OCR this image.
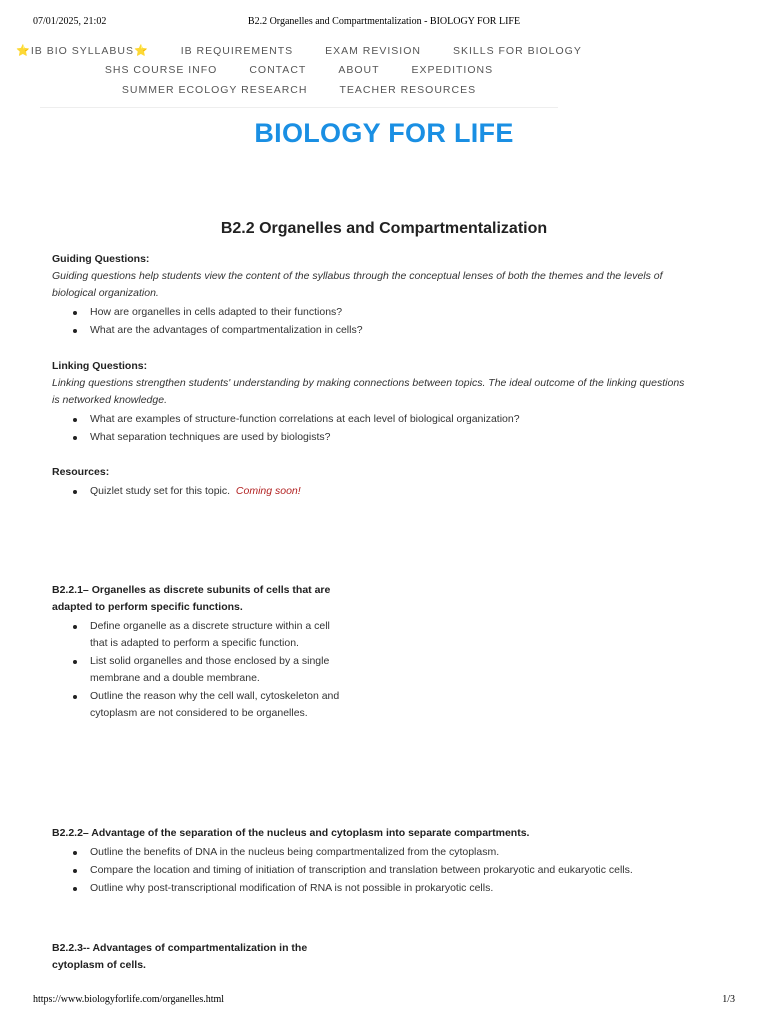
07/01/2025, 21:02	B2.2 Organelles and Compartmentalization - BIOLOGY FOR LIFE
⭐ IB BIO SYLLABUS ⭐	IB REQUIREMENTS	EXAM REVISION	SKILLS FOR BIOLOGY
SHS COURSE INFO	CONTACT	ABOUT	EXPEDITIONS
SUMMER ECOLOGY RESEARCH	TEACHER RESOURCES
BIOLOGY FOR LIFE
B2.2 Organelles and Compartmentalization
Guiding Questions:
Guiding questions help students view the content of the syllabus through the conceptual lenses of both the themes and the levels of biological organization.
How are organelles in cells adapted to their functions?
What are the advantages of compartmentalization in cells?
Linking Questions:
Linking questions strengthen students' understanding by making connections between topics. The ideal outcome of the linking questions is networked knowledge.
What are examples of structure-function correlations at each level of biological organization?
What separation techniques are used by biologists?
Resources:
Quizlet study set for this topic. Coming soon!
B2.2.1– Organelles as discrete subunits of cells that are adapted to perform specific functions.
Define organelle as a discrete structure within a cell that is adapted to perform a specific function.
List solid organelles and those enclosed by a single membrane and a double membrane.
Outline the reason why the cell wall, cytoskeleton and cytoplasm are not considered to be organelles.
B2.2.2– Advantage of the separation of the nucleus and cytoplasm into separate compartments.
Outline the benefits of DNA in the nucleus being compartmentalized from the cytoplasm.
Compare the location and timing of initiation of transcription and translation between prokaryotic and eukaryotic cells.
Outline why post-transcriptional modification of RNA is not possible in prokaryotic cells.
B2.2.3-- Advantages of compartmentalization in the cytoplasm of cells.
https://www.biologyforlife.com/organelles.html	1/3
